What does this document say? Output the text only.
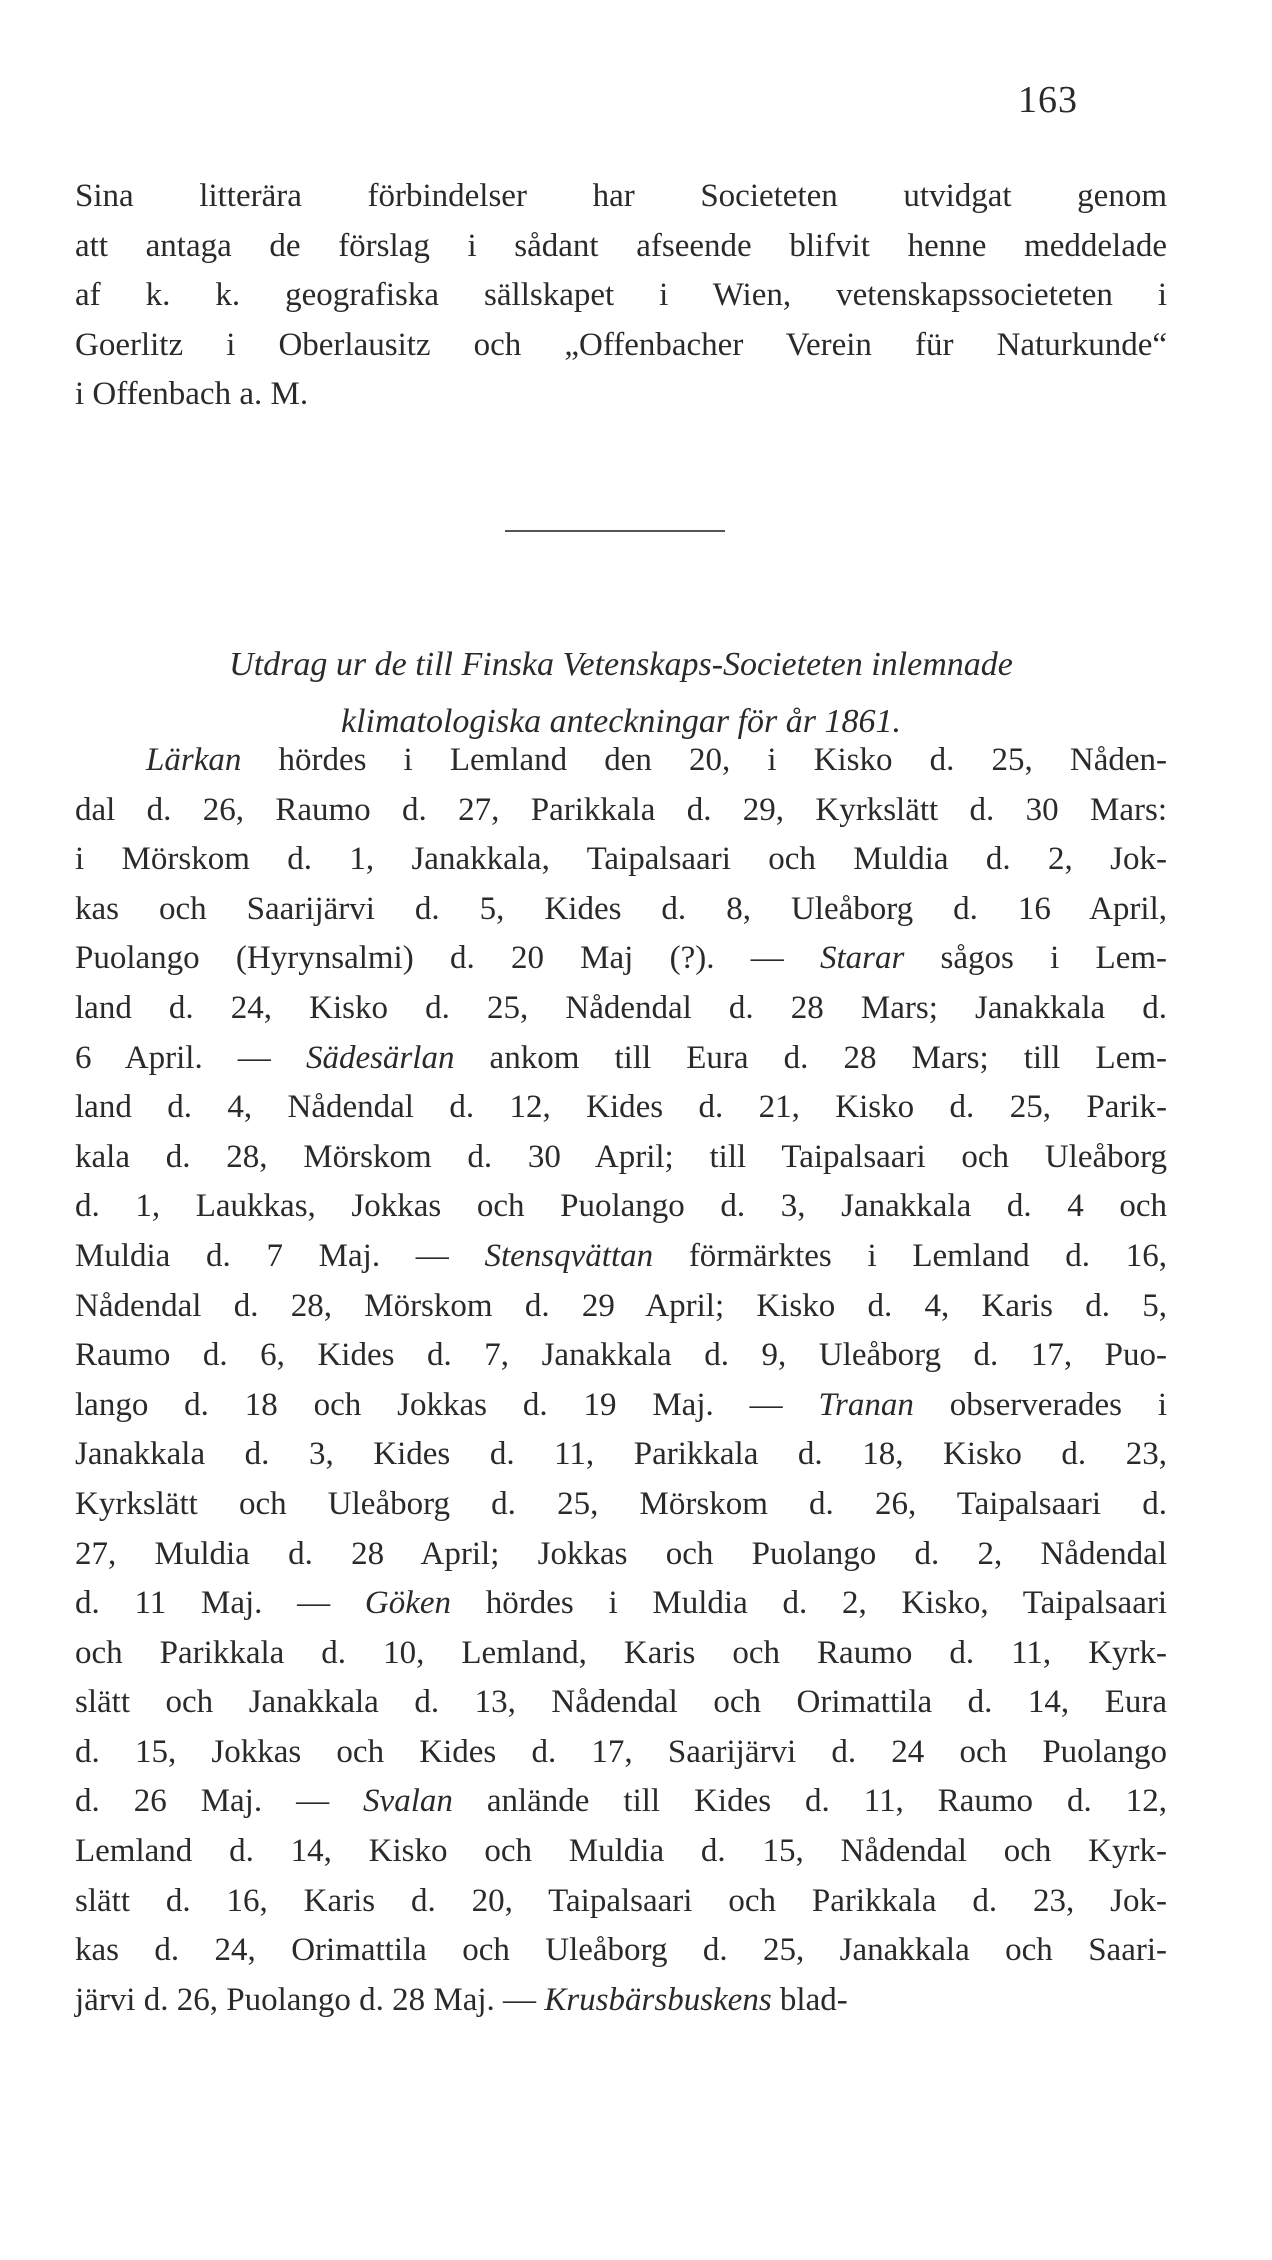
163
Sina litterära förbindelser har Societeten utvidgat genom
att antaga de förslag i sådant afseende blifvit henne meddelade
af k. k. geografiska sällskapet i Wien, vetenskapssocieteten i
Goerlitz i Oberlausitz och „Offenbacher Verein für Naturkunde“
i Offenbach a. M.
Utdrag ur de till Finska Vetenskaps-Societeten inlemnade
klimatologiska anteckningar för år 1861.
Lärkan hördes i Lemland den 20, i Kisko d. 25, Nåden-
dal d. 26, Raumo d. 27, Parikkala d. 29, Kyrkslätt d. 30 Mars:
i Mörskom d. 1, Janakkala, Taipalsaari och Muldia d. 2, Jok-
kas och Saarijärvi d. 5, Kides d. 8, Uleåborg d. 16 April,
Puolango (Hyrynsalmi) d. 20 Maj (?). — Starar sågos i Lem-
land d. 24, Kisko d. 25, Nådendal d. 28 Mars; Janakkala d.
6 April. — Sädesärlan ankom till Eura d. 28 Mars; till Lem-
land d. 4, Nådendal d. 12, Kides d. 21, Kisko d. 25, Parik-
kala d. 28, Mörskom d. 30 April; till Taipalsaari och Uleåborg
d. 1, Laukkas, Jokkas och Puolango d. 3, Janakkala d. 4 och
Muldia d. 7 Maj. — Stensqvättan förmärktes i Lemland d. 16,
Nådendal d. 28, Mörskom d. 29 April; Kisko d. 4, Karis d. 5,
Raumo d. 6, Kides d. 7, Janakkala d. 9, Uleåborg d. 17, Puo-
lango d. 18 och Jokkas d. 19 Maj. — Tranan observerades i
Janakkala d. 3, Kides d. 11, Parikkala d. 18, Kisko d. 23,
Kyrkslätt och Uleåborg d. 25, Mörskom d. 26, Taipalsaari d.
27, Muldia d. 28 April; Jokkas och Puolango d. 2, Nådendal
d. 11 Maj. — Göken hördes i Muldia d. 2, Kisko, Taipalsaari
och Parikkala d. 10, Lemland, Karis och Raumo d. 11, Kyrk-
slätt och Janakkala d. 13, Nådendal och Orimattila d. 14, Eura
d. 15, Jokkas och Kides d. 17, Saarijärvi d. 24 och Puolango
d. 26 Maj. — Svalan anlände till Kides d. 11, Raumo d. 12,
Lemland d. 14, Kisko och Muldia d. 15, Nådendal och Kyrk-
slätt d. 16, Karis d. 20, Taipalsaari och Parikkala d. 23, Jok-
kas d. 24, Orimattila och Uleåborg d. 25, Janakkala och Saari-
järvi d. 26, Puolango d. 28 Maj. — Krusbärsbuskens blad-
